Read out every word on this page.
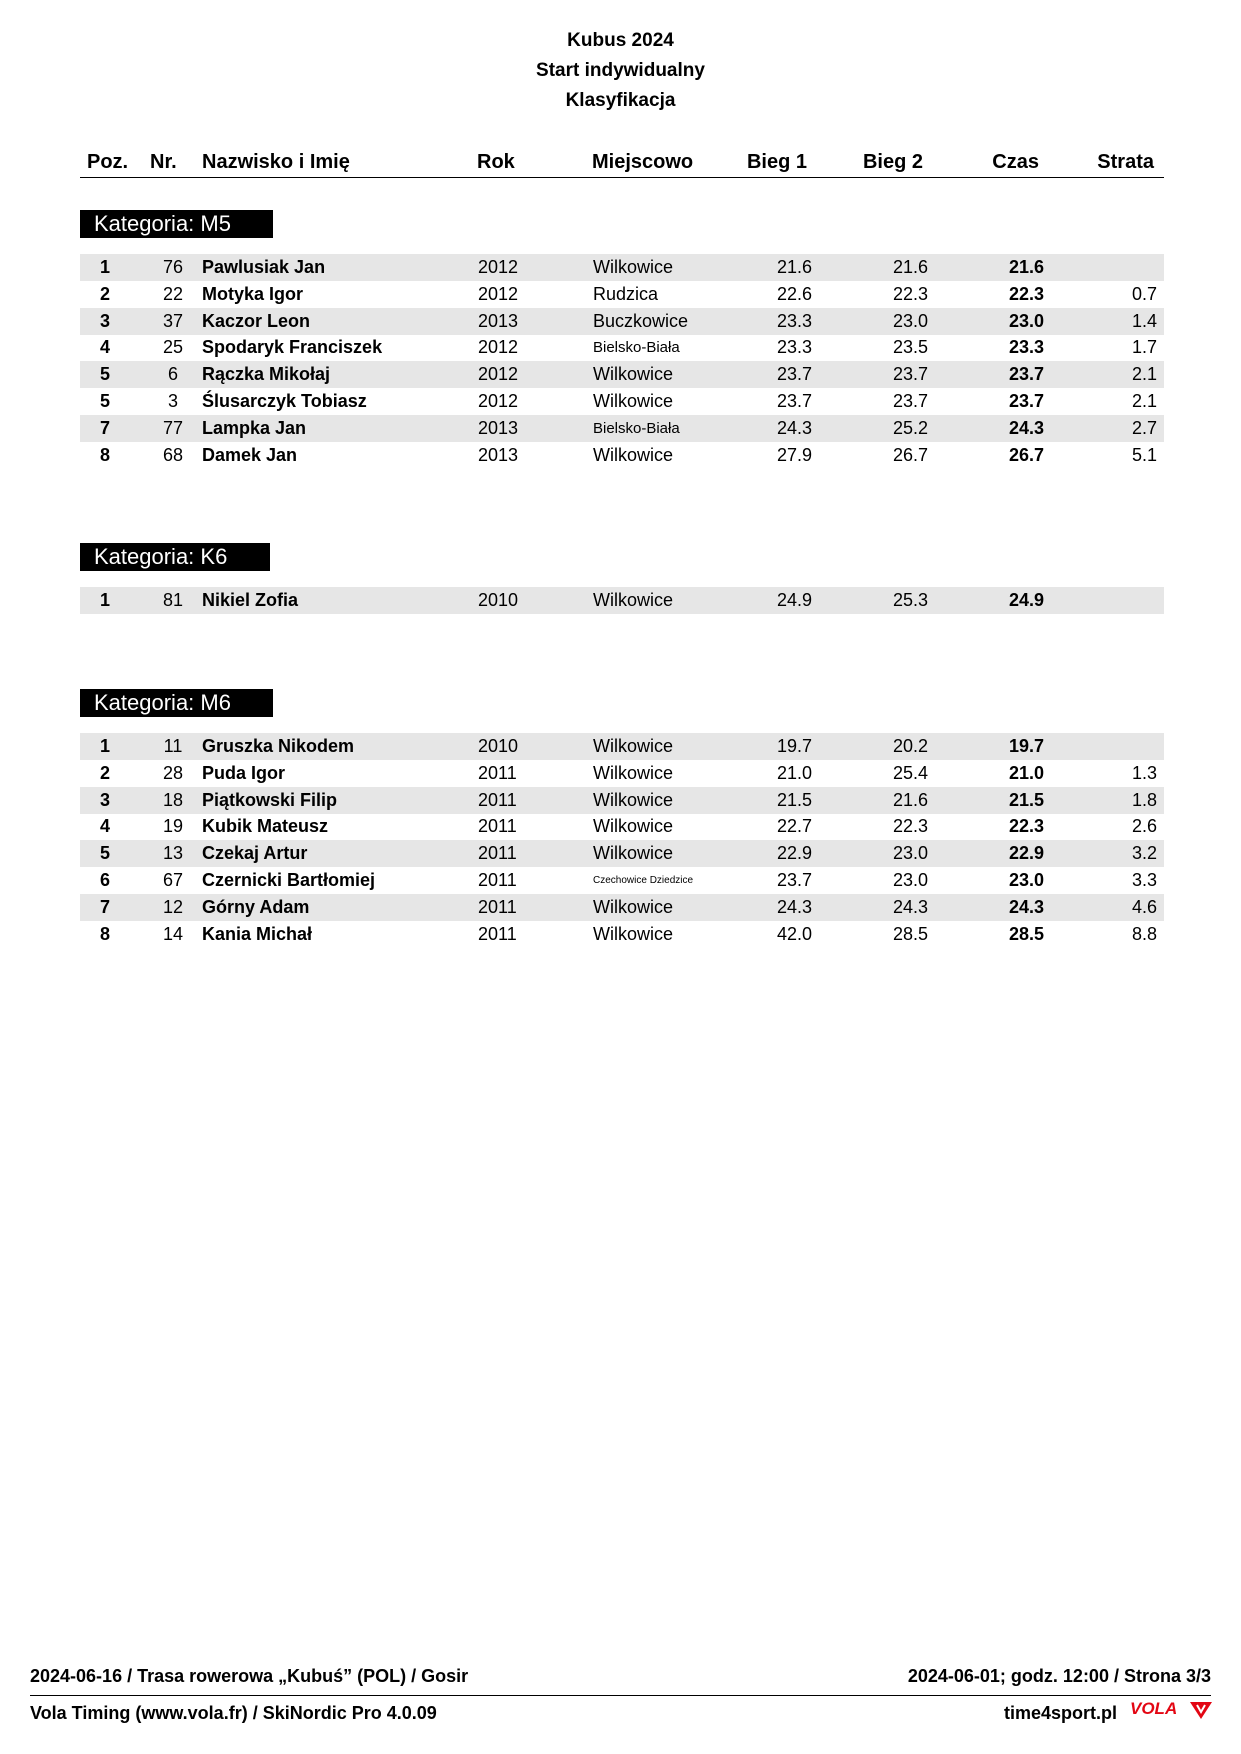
Kubus 2024
Start indywidualny
Klasyfikacja
Poz. Nr. Nazwisko i Imię	Rok	Miejscowo	Bieg 1	Bieg 2	Czas	Strata
Kategoria: M5
1	76	Pawlusiak Jan	2012	Wilkowice	21.6	21.6	21.6
2	22	Motyka Igor	2012	Rudzica	22.6	22.3	22.3	0.7
3	37	Kaczor Leon	2013	Buczkowice	23.3	23.0	23.0	1.4
4	25	Spodaryk Franciszek	2012	Bielsko-Biała	23.3	23.5	23.3	1.7
5	6	Rączka Mikołaj	2012	Wilkowice	23.7	23.7	23.7	2.1
5	3	Ślusarczyk Tobiasz	2012	Wilkowice	23.7	23.7	23.7	2.1
7	77	Lampka Jan	2013	Bielsko-Biała	24.3	25.2	24.3	2.7
8	68	Damek Jan	2013	Wilkowice	27.9	26.7	26.7	5.1
Kategoria: K6
1	81	Nikiel Zofia	2010	Wilkowice	24.9	25.3	24.9
Kategoria: M6
1	11	Gruszka Nikodem	2010	Wilkowice	19.7	20.2	19.7
2	28	Puda Igor	2011	Wilkowice	21.0	25.4	21.0	1.3
3	18	Piątkowski Filip	2011	Wilkowice	21.5	21.6	21.5	1.8
4	19	Kubik Mateusz	2011	Wilkowice	22.7	22.3	22.3	2.6
5	13	Czekaj Artur	2011	Wilkowice	22.9	23.0	22.9	3.2
6	67	Czernicki Bartłomiej	2011	Czechowice Dziedzice	23.7	23.0	23.0	3.3
7	12	Górny Adam	2011	Wilkowice	24.3	24.3	24.3	4.6
8	14	Kania Michał	2011	Wilkowice	42.0	28.5	28.5	8.8
2024-06-16 / Trasa rowerowa „Kubuś” (POL) / Gosir	2024-06-01; godz. 12:00 / Strona 3/3
Vola Timing (www.vola.fr) / SkiNordic Pro 4.0.09	time4sport.pl VOLA
